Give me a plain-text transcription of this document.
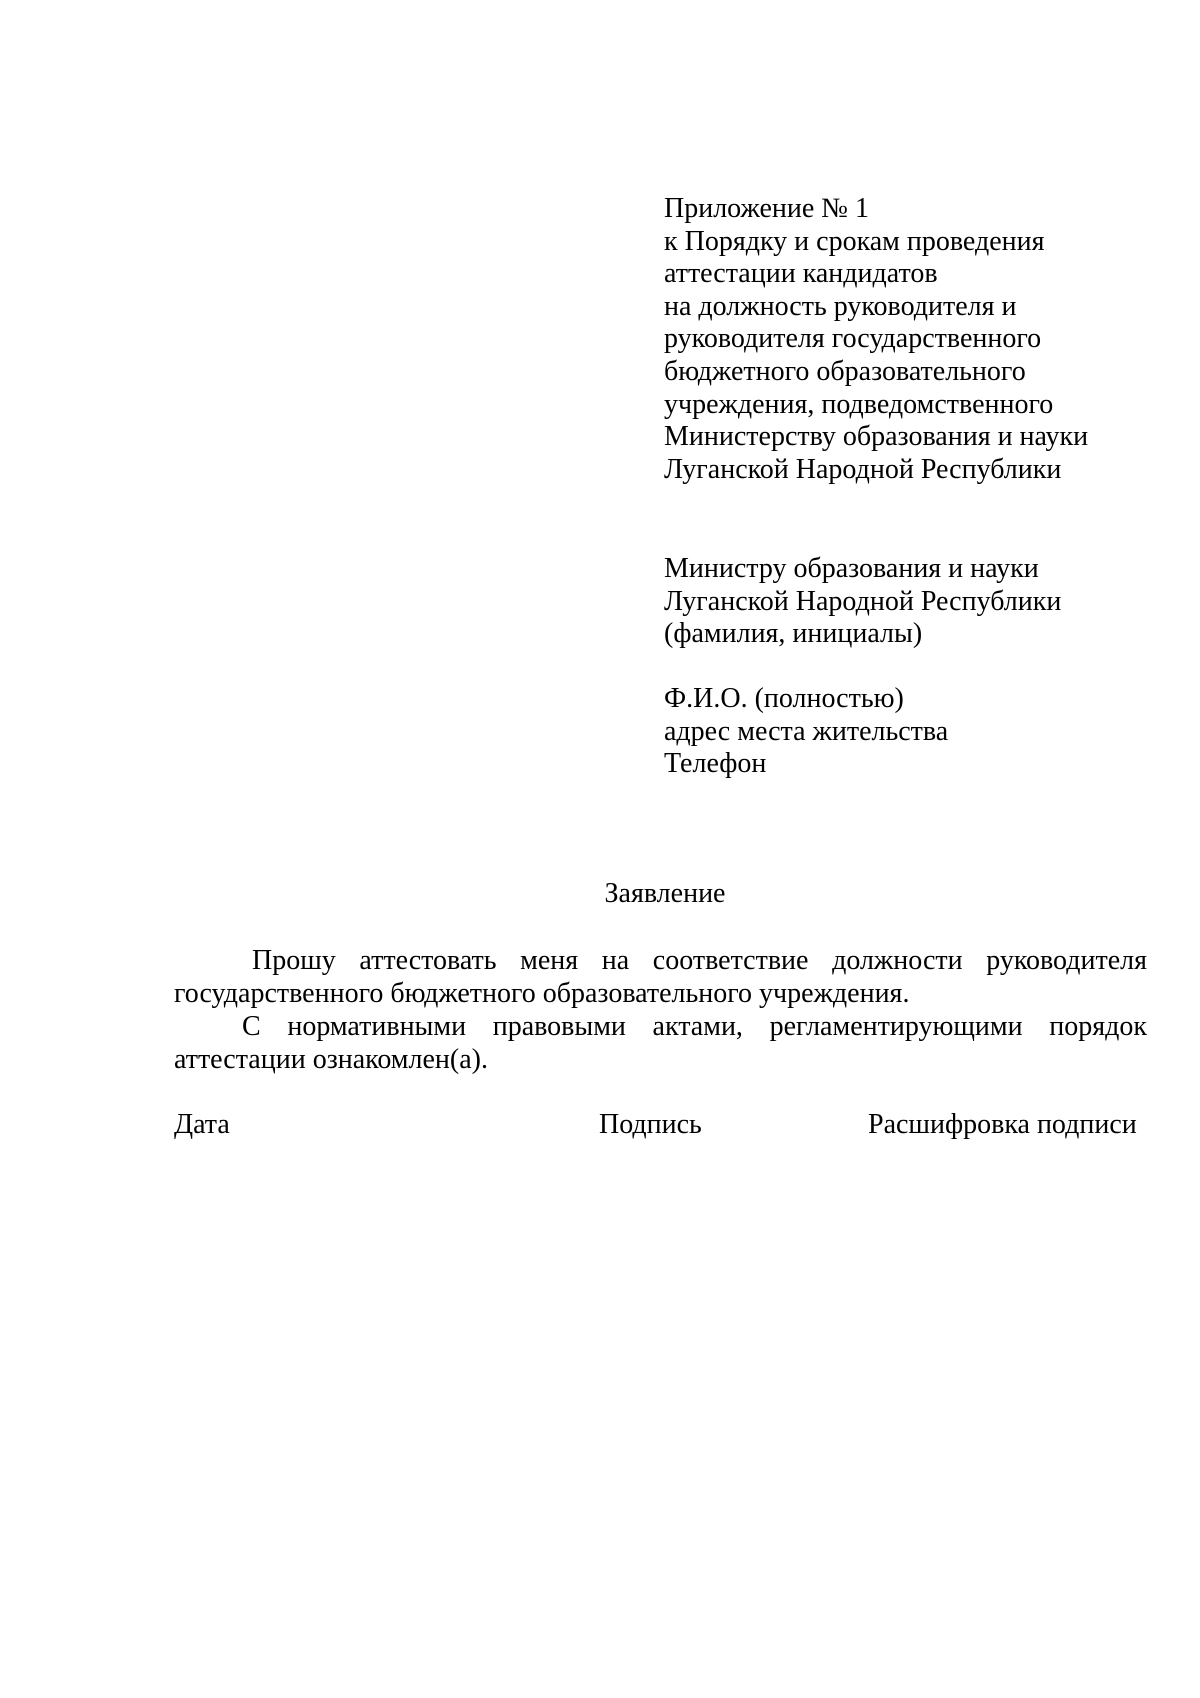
Приложение № 1
к Порядку и срокам проведения
аттестации кандидатов
на должность руководителя и
руководителя государственного
бюджетного образовательного
учреждения, подведомственного
Министерству образования и науки
Луганской Народной Республики
Министру образования и науки
Луганской Народной Республики
(фамилия, инициалы)
Ф.И.О. (полностью)
адрес места жительства
Телефон
Заявление
Прошу аттестовать меня на соответствие должности руководителя
государственного бюджетного образовательного учреждения.
С нормативными правовыми актами, регламентирующими порядок
аттестации ознакомлен(а).
Дата	Подпись	Расшифровка подписи
